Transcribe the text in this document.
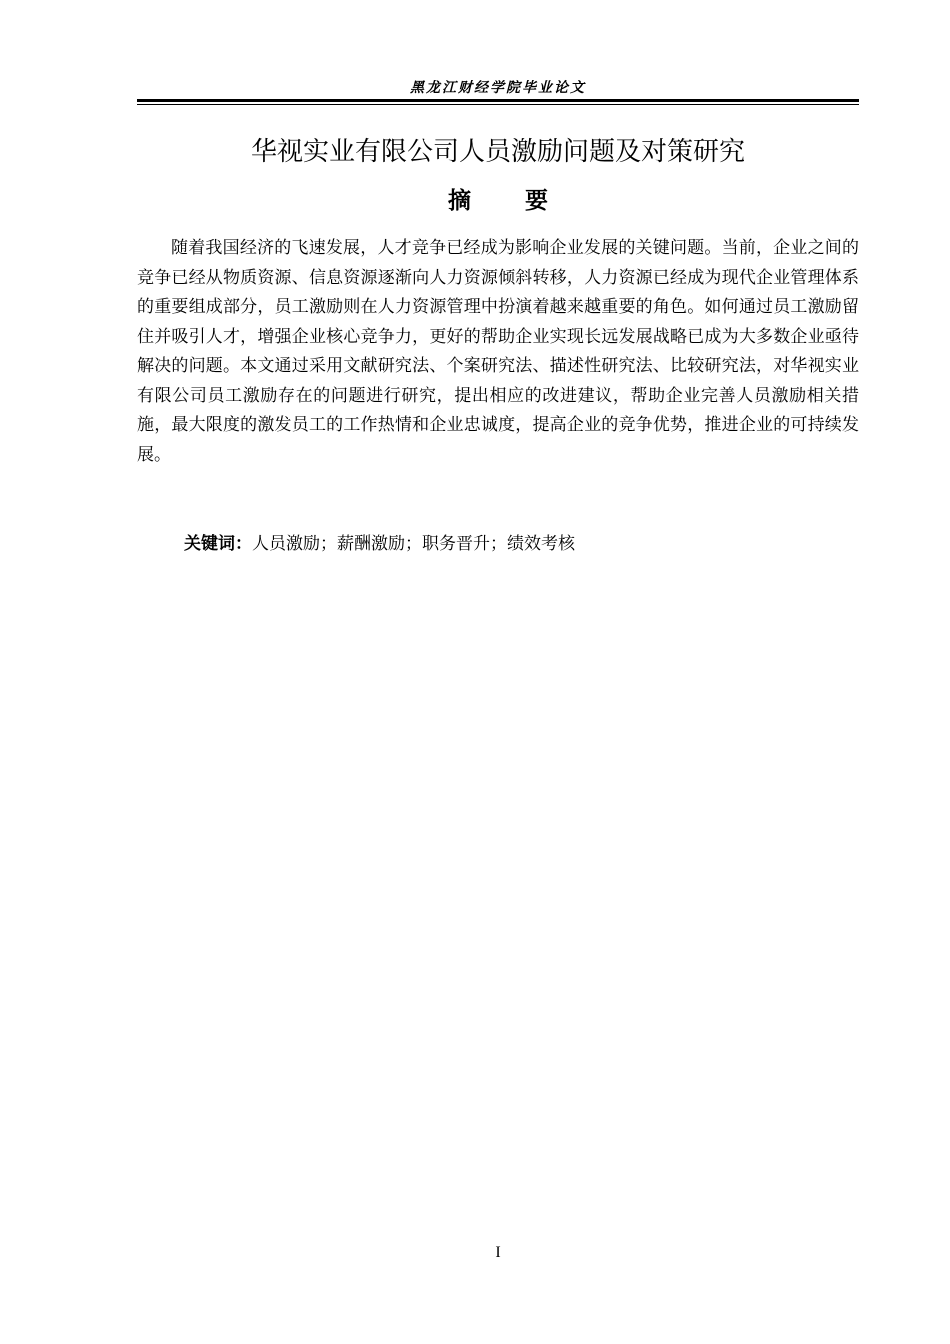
黑龙江财经学院毕业论文
华视实业有限公司人员激励问题及对策研究
摘要

随着我国经济的飞速发展，人才竞争已经成为影响企业发展的关键问题。当前，企业之间的竞争已经从物质资源、信息资源逐渐向人力资源倾斜转移，人力资源已经成为现代企业管理体系的重要组成部分，员工激励则在人力资源管理中扮演着越来越重要的角色。如何通过员工激励留住并吸引人才，增强企业核心竞争力，更好的帮助企业实现长远发展战略已成为大多数企业亟待解决的问题。本文通过采用文献研究法、个案研究法、描述性研究法、比较研究法，对华视实业有限公司员工激励存在的问题进行研究，提出相应的改进建议，帮助企业完善人员激励相关措施，最大限度的激发员工的工作热情和企业忠诚度，提高企业的竞争优势，推进企业的可持续发展。

关键词：人员激励；薪酬激励；职务晋升；绩效考核
I
